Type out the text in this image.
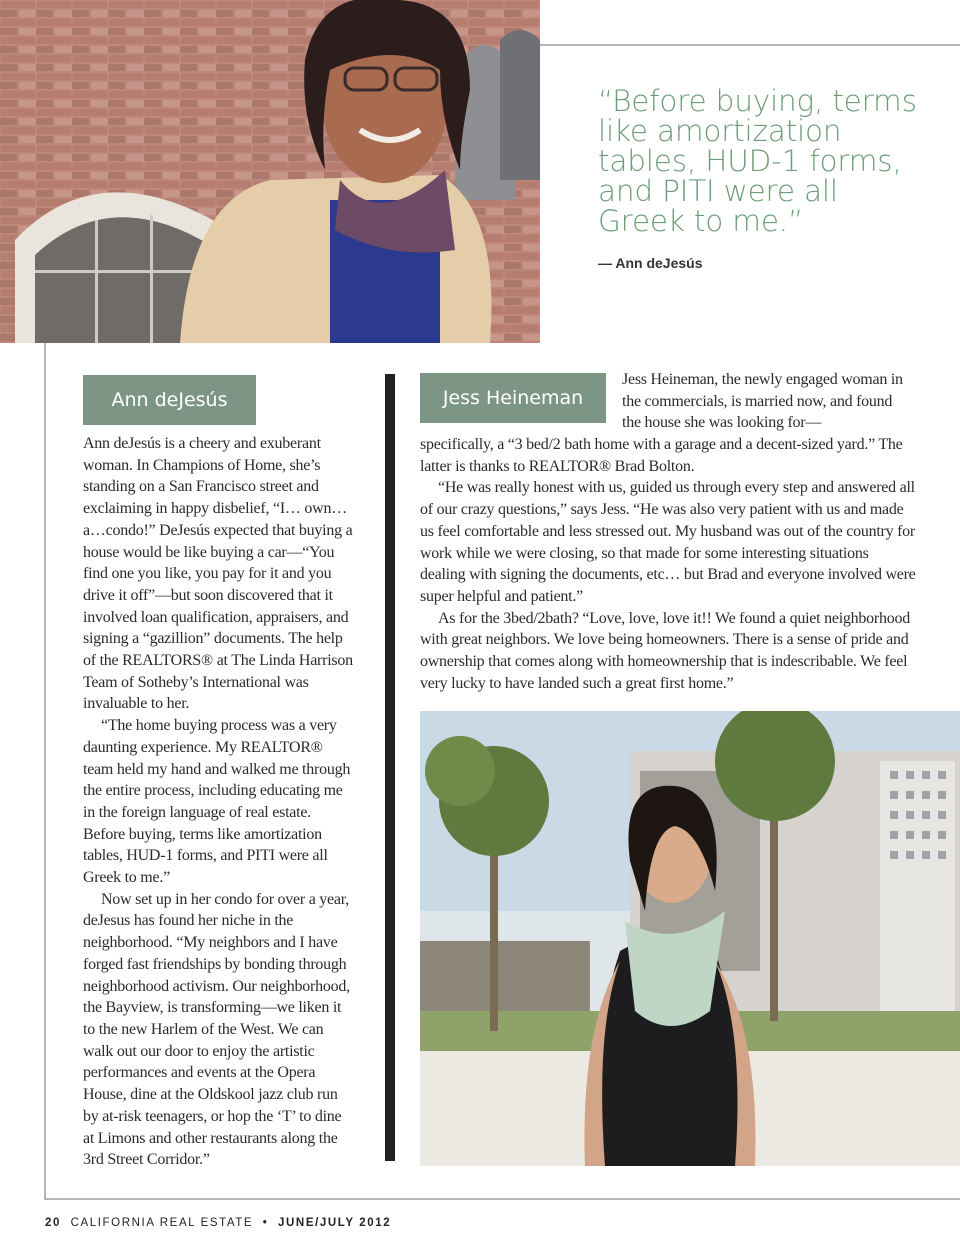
“Before buying, terms
like amortization
tables, HUD-1 forms,
and PITI were all
Greek to me.”
— Ann deJesús
Ann deJesús

Ann deJesús is a cheery and exuberant woman. In Champions of Home, she’s standing on a San Francisco street and exclaiming in happy disbelief, “I… own…a…condo!” DeJesús expected that buying a house would be like buying a car—“You find one you like, you pay for it and you drive it off”—but soon discovered that it involved loan qualification, appraisers, and signing a “gazillion” documents. The help of the REALTORS® at The Linda Harrison Team of Sotheby’s International was invaluable to her.

“The home buying process was a very daunting experience. My REALTOR® team held my hand and walked me through the entire process, including educating me in the foreign language of real estate. Before buying, terms like amortization tables, HUD-1 forms, and PITI were all Greek to me.”

Now set up in her condo for over a year, deJesus has found her niche in the neighborhood. “My neighbors and I have forged fast friendships by bonding through neighborhood activism. Our neighborhood, the Bayview, is transforming—we liken it to the new Harlem of the West. We can walk out our door to enjoy the artistic performances and events at the Opera House, dine at the Oldskool jazz club run by at-risk teenagers, or hop the ‘T’ to dine at Limons and other restaurants along the 3rd Street Corridor.”

Jess Heineman
Jess Heineman, the newly engaged woman in the commercials, is married now, and found the house she was looking for—

specifically, a “3 bed/2 bath home with a garage and a decent-sized yard.” The latter is thanks to REALTOR® Brad Bolton.

“He was really honest with us, guided us through every step and answered all of our crazy questions,” says Jess. “He was also very patient with us and made us feel comfortable and less stressed out. My husband was out of the country for work while we were closing, so that made for some interesting situations dealing with signing the documents, etc… but Brad and everyone involved were super helpful and patient.”

As for the 3bed/2bath? “Love, love, love it!! We found a quiet neighborhood with great neighbors. We love being homeowners. There is a sense of pride and ownership that comes along with homeownership that is indescribable. We feel very lucky to have landed such a great first home.”

20 CALIFORNIA REAL ESTATE • JUNE/JULY 2012
